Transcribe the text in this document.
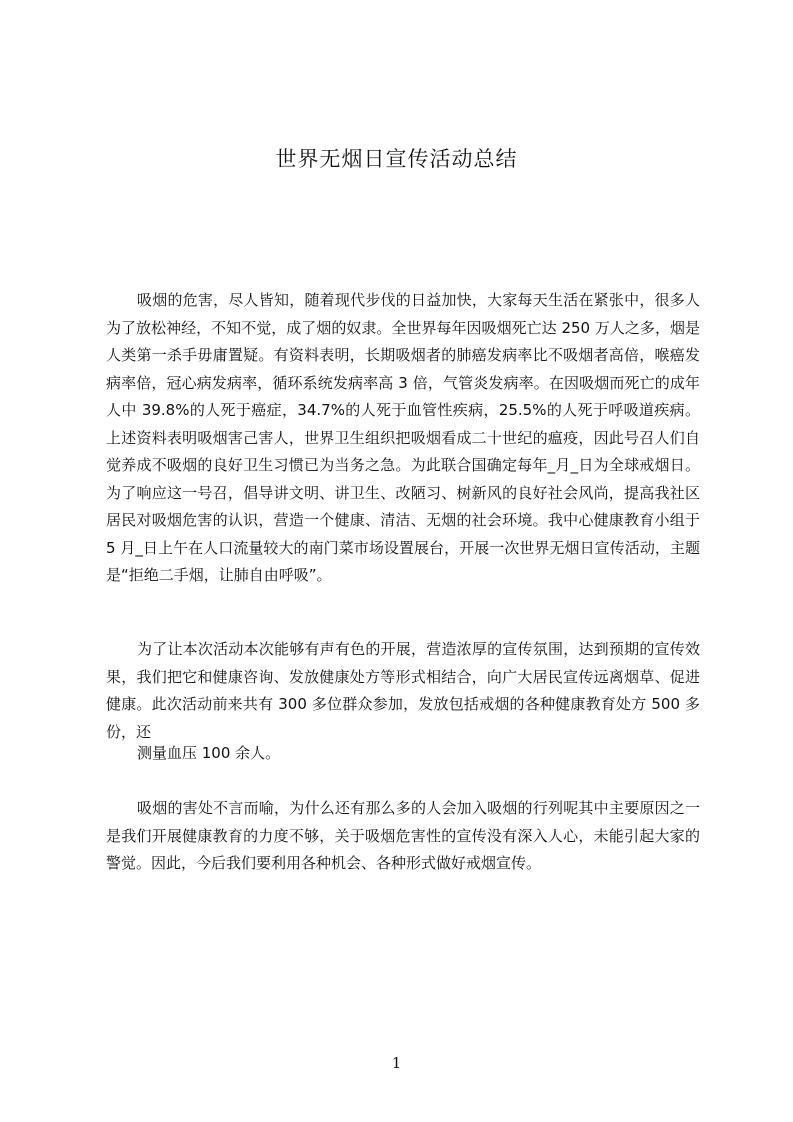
世界无烟日宣传活动总结

吸烟的危害，尽人皆知，随着现代步伐的日益加快，大家每天生活在紧张中，很多人为了放松神经，不知不觉，成了烟的奴隶。全世界每年因吸烟死亡达 250 万人之多，烟是人类第一杀手毋庸置疑。有资料表明，长期吸烟者的肺癌发病率比不吸烟者高倍，喉癌发病率倍，冠心病发病率，循环系统发病率高 3 倍，气管炎发病率。在因吸烟而死亡的成年人中 39.8%的人死于癌症，34.7%的人死于血管性疾病，25.5%的人死于呼吸道疾病。上述资料表明吸烟害己害人，世界卫生组织把吸烟看成二十世纪的瘟疫，因此号召人们自觉养成不吸烟的良好卫生习惯已为当务之急。为此联合国确定每年_月_日为全球戒烟日。为了响应这一号召，倡导讲文明、讲卫生、改陋习、树新风的良好社会风尚，提高我社区居民对吸烟危害的认识，营造一个健康、清洁、无烟的社会环境。我中心健康教育小组于 5 月_日上午在人口流量较大的南门菜市场设置展台，开展一次世界无烟日宣传活动，主题是“拒绝二手烟，让肺自由呼吸”。

为了让本次活动本次能够有声有色的开展，营造浓厚的宣传氛围，达到预期的宣传效果，我们把它和健康咨询、发放健康处方等形式相结合，向广大居民宣传远离烟草、促进健康。此次活动前来共有 300 多位群众参加，发放包括戒烟的各种健康教育处方 500 多份，还

测量血压 100 余人。

吸烟的害处不言而喻，为什么还有那么多的人会加入吸烟的行列呢其中主要原因之一是我们开展健康教育的力度不够，关于吸烟危害性的宣传没有深入人心，未能引起大家的警觉。因此，今后我们要利用各种机会、各种形式做好戒烟宣传。

1
